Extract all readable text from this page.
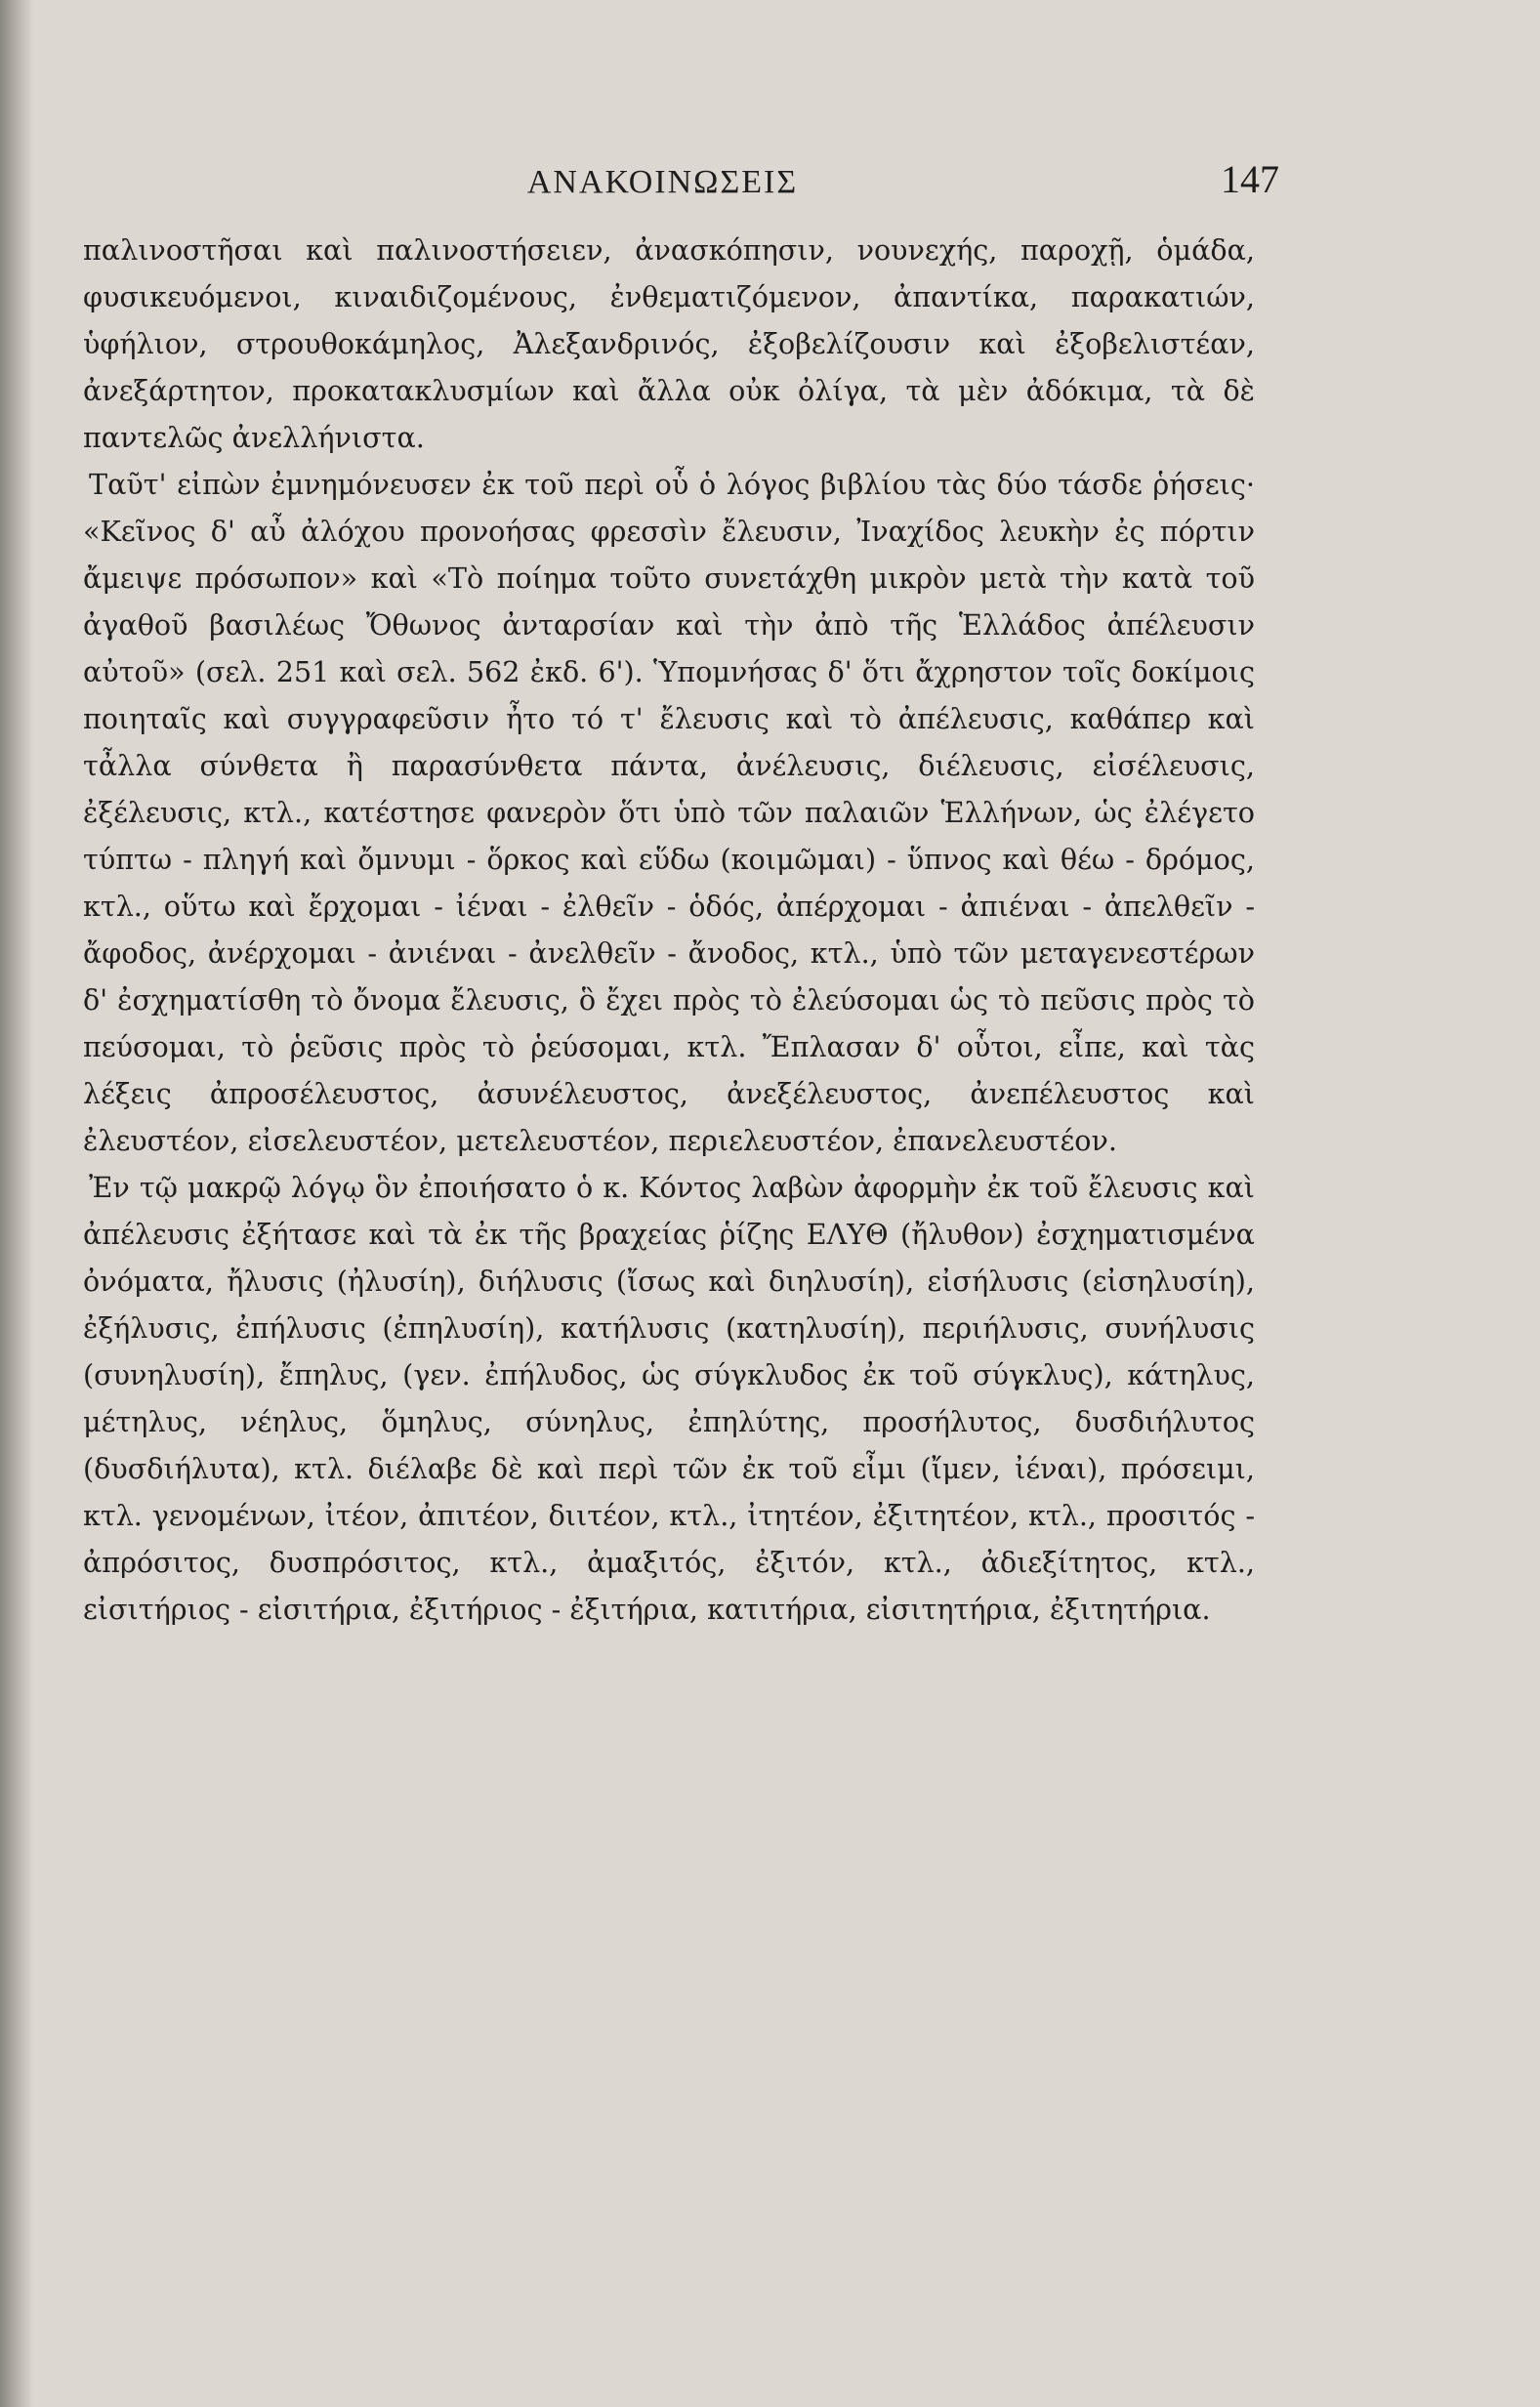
ΑΝΑΚΟΙΝΩΣΕΙΣ	147

παλινοστῆσαι καὶ παλινοστήσειεν, ἀνασκόπησιν, νουνεχής, παροχῇ, ὁμάδα, φυσικευόμενοι, κιναιδιζομένους, ἐνθεματιζόμενον, ἀπαντίκα, παρακατιών, ὑφήλιον, στρουθοκάμηλος, Ἀλεξανδρινός, ἐξοβελίζουσιν καὶ ἐξοβελιστέαν, ἀνεξάρτητον, προκατακλυσμίων καὶ ἄλλα οὐκ ὀλίγα, τὰ μὲν ἀδόκιμα, τὰ δὲ παντελῶς ἀνελλήνιστα.

Ταῦτ' εἰπὼν ἐμνημόνευσεν ἐκ τοῦ περὶ οὗ ὁ λόγος βιβλίου τὰς δύο τάσδε ῥήσεις· «Κεῖνος δ' αὖ ἀλόχου προνοήσας φρεσσὶν ἔλευσιν, Ἰναχίδος λευκὴν ἐς πόρτιν ἄμειψε πρόσωπον» καὶ «Τὸ ποίημα τοῦτο συνετάχθη μικρὸν μετὰ τὴν κατὰ τοῦ ἀγαθοῦ βασιλέως Ὄθωνος ἀνταρσίαν καὶ τὴν ἀπὸ τῆς Ἑλλάδος ἀπέλευσιν αὐτοῦ» (σελ. 251 καὶ σελ. 562 ἐκδ. 6'). Ὑπομνήσας δ' ὅτι ἄχρηστον τοῖς δοκίμοις ποιηταῖς καὶ συγγραφεῦσιν ἦτο τό τ' ἔλευσις καὶ τὸ ἀπέλευσις, καθάπερ καὶ τἆλλα σύνθετα ἢ παρασύνθετα πάντα, ἀνέλευσις, διέλευσις, εἰσέλευσις, ἐξέλευσις, κτλ., κατέστησε φανερὸν ὅτι ὑπὸ τῶν παλαιῶν Ἑλλήνων, ὡς ἐλέγετο τύπτω - πληγή καὶ ὄμνυμι - ὅρκος καὶ εὕδω (κοιμῶμαι) - ὕπνος καὶ θέω - δρόμος, κτλ., οὕτω καὶ ἔρχομαι - ἰέναι - ἐλθεῖν - ὁδός, ἀπέρχομαι - ἀπιέναι - ἀπελθεῖν - ἄφοδος, ἀνέρχομαι - ἀνιέναι - ἀνελθεῖν - ἄνοδος, κτλ., ὑπὸ τῶν μεταγενεστέρων δ' ἐσχηματίσθη τὸ ὄνομα ἔλευσις, ὃ ἔχει πρὸς τὸ ἐλεύσομαι ὡς τὸ πεῦσις πρὸς τὸ πεύσομαι, τὸ ῥεῦσις πρὸς τὸ ῥεύσομαι, κτλ. Ἔπλασαν δ' οὗτοι, εἶπε, καὶ τὰς λέξεις ἀπροσέλευστος, ἀσυνέλευστος, ἀνεξέλευστος, ἀνεπέλευστος καὶ ἐλευστέον, εἰσελευστέον, μετελευστέον, περιελευστέον, ἐπανελευστέον.

Ἐν τῷ μακρῷ λόγῳ ὃν ἐποιήσατο ὁ κ. Κόντος λαβὼν ἀφορμὴν ἐκ τοῦ ἔλευσις καὶ ἀπέλευσις ἐξήτασε καὶ τὰ ἐκ τῆς βραχείας ῥίζης ΕΛΥΘ (ἤλυθον) ἐσχηματισμένα ὀνόματα, ἤλυσις (ἠλυσίη), διήλυσις (ἴσως καὶ διηλυσίη), εἰσήλυσις (εἰσηλυσίη), ἐξήλυσις, ἐπήλυσις (ἐπηλυσίη), κατήλυσις (κατηλυσίη), περιήλυσις, συνήλυσις (συνηλυσίη), ἔπηλυς, (γεν. ἐπήλυδος, ὡς σύγκλυδος ἐκ τοῦ σύγκλυς), κάτηλυς, μέτηλυς, νέηλυς, ὅμηλυς, σύνηλυς, ἐπηλύτης, προσήλυτος, δυσδιήλυτος (δυσδιήλυτα), κτλ. διέλαβε δὲ καὶ περὶ τῶν ἐκ τοῦ εἶμι (ἴμεν, ἰέναι), πρόσειμι, κτλ. γενομένων, ἰτέον, ἀπιτέον, διιτέον, κτλ., ἰτητέον, ἐξιτητέον, κτλ., προσιτός - ἀπρόσιτος, δυσπρόσιτος, κτλ., ἀμαξιτός, ἐξιτόν, κτλ., ἀδιεξίτητος, κτλ., εἰσιτήριος - εἰσιτήρια, ἐξιτήριος - ἐξιτήρια, κατιτήρια, εἰσιτητήρια, ἐξιτητήρια.
